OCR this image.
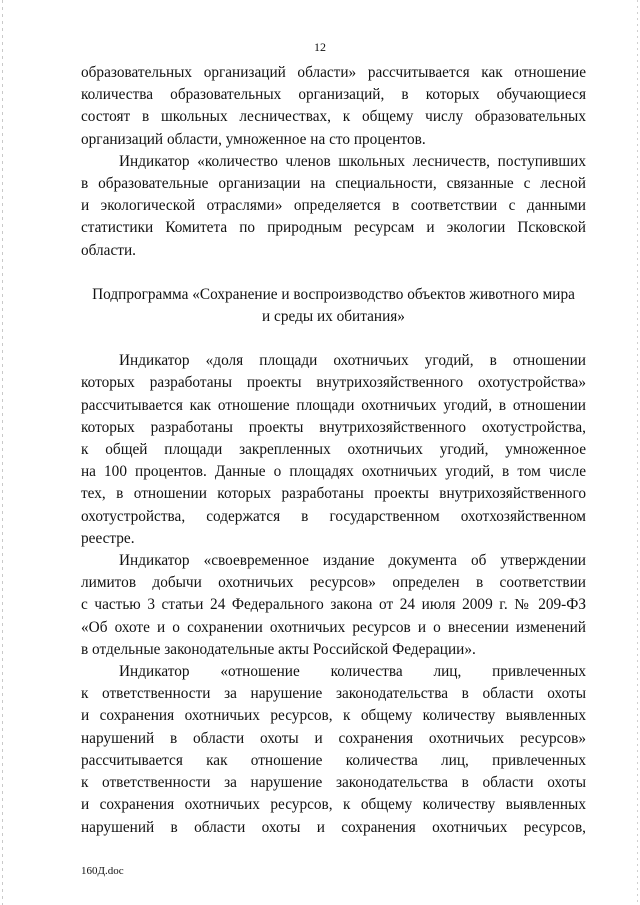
12
образовательных организаций области» рассчитывается как отношение
количества образовательных организаций, в которых обучающиеся
состоят в школьных лесничествах, к общему числу образовательных
организаций области, умноженное на сто процентов.
Индикатор «количество членов школьных лесничеств, поступивших
в образовательные организации на специальности, связанные с лесной
и экологической отраслями» определяется в соответствии с данными
статистики Комитета по природным ресурсам и экологии Псковской
области.
Подпрограмма «Сохранение и воспроизводство объектов животного мира
и среды их обитания»
Индикатор «доля площади охотничьих угодий, в отношении
которых разработаны проекты внутрихозяйственного охотустройства»
рассчитывается как отношение площади охотничьих угодий, в отношении
которых разработаны проекты внутрихозяйственного охотустройства,
к общей площади закрепленных охотничьих угодий, умноженное
на 100 процентов. Данные о площадях охотничьих угодий, в том числе
тех, в отношении которых разработаны проекты внутрихозяйственного
охотустройства, содержатся в государственном охотхозяйственном
реестре.
Индикатор «своевременное издание документа об утверждении
лимитов добычи охотничьих ресурсов» определен в соответствии
с частью 3 статьи 24 Федерального закона от 24 июля 2009 г. № 209-ФЗ
«Об охоте и о сохранении охотничьих ресурсов и о внесении изменений
в отдельные законодательные акты Российской Федерации».
Индикатор «отношение количества лиц, привлеченных
к ответственности за нарушение законодательства в области охоты
и сохранения охотничьих ресурсов, к общему количеству выявленных
нарушений в области охоты и сохранения охотничьих ресурсов»
рассчитывается как отношение количества лиц, привлеченных
к ответственности за нарушение законодательства в области охоты
и сохранения охотничьих ресурсов, к общему количеству выявленных
нарушений в области охоты и сохранения охотничьих ресурсов,
160Д.doc
